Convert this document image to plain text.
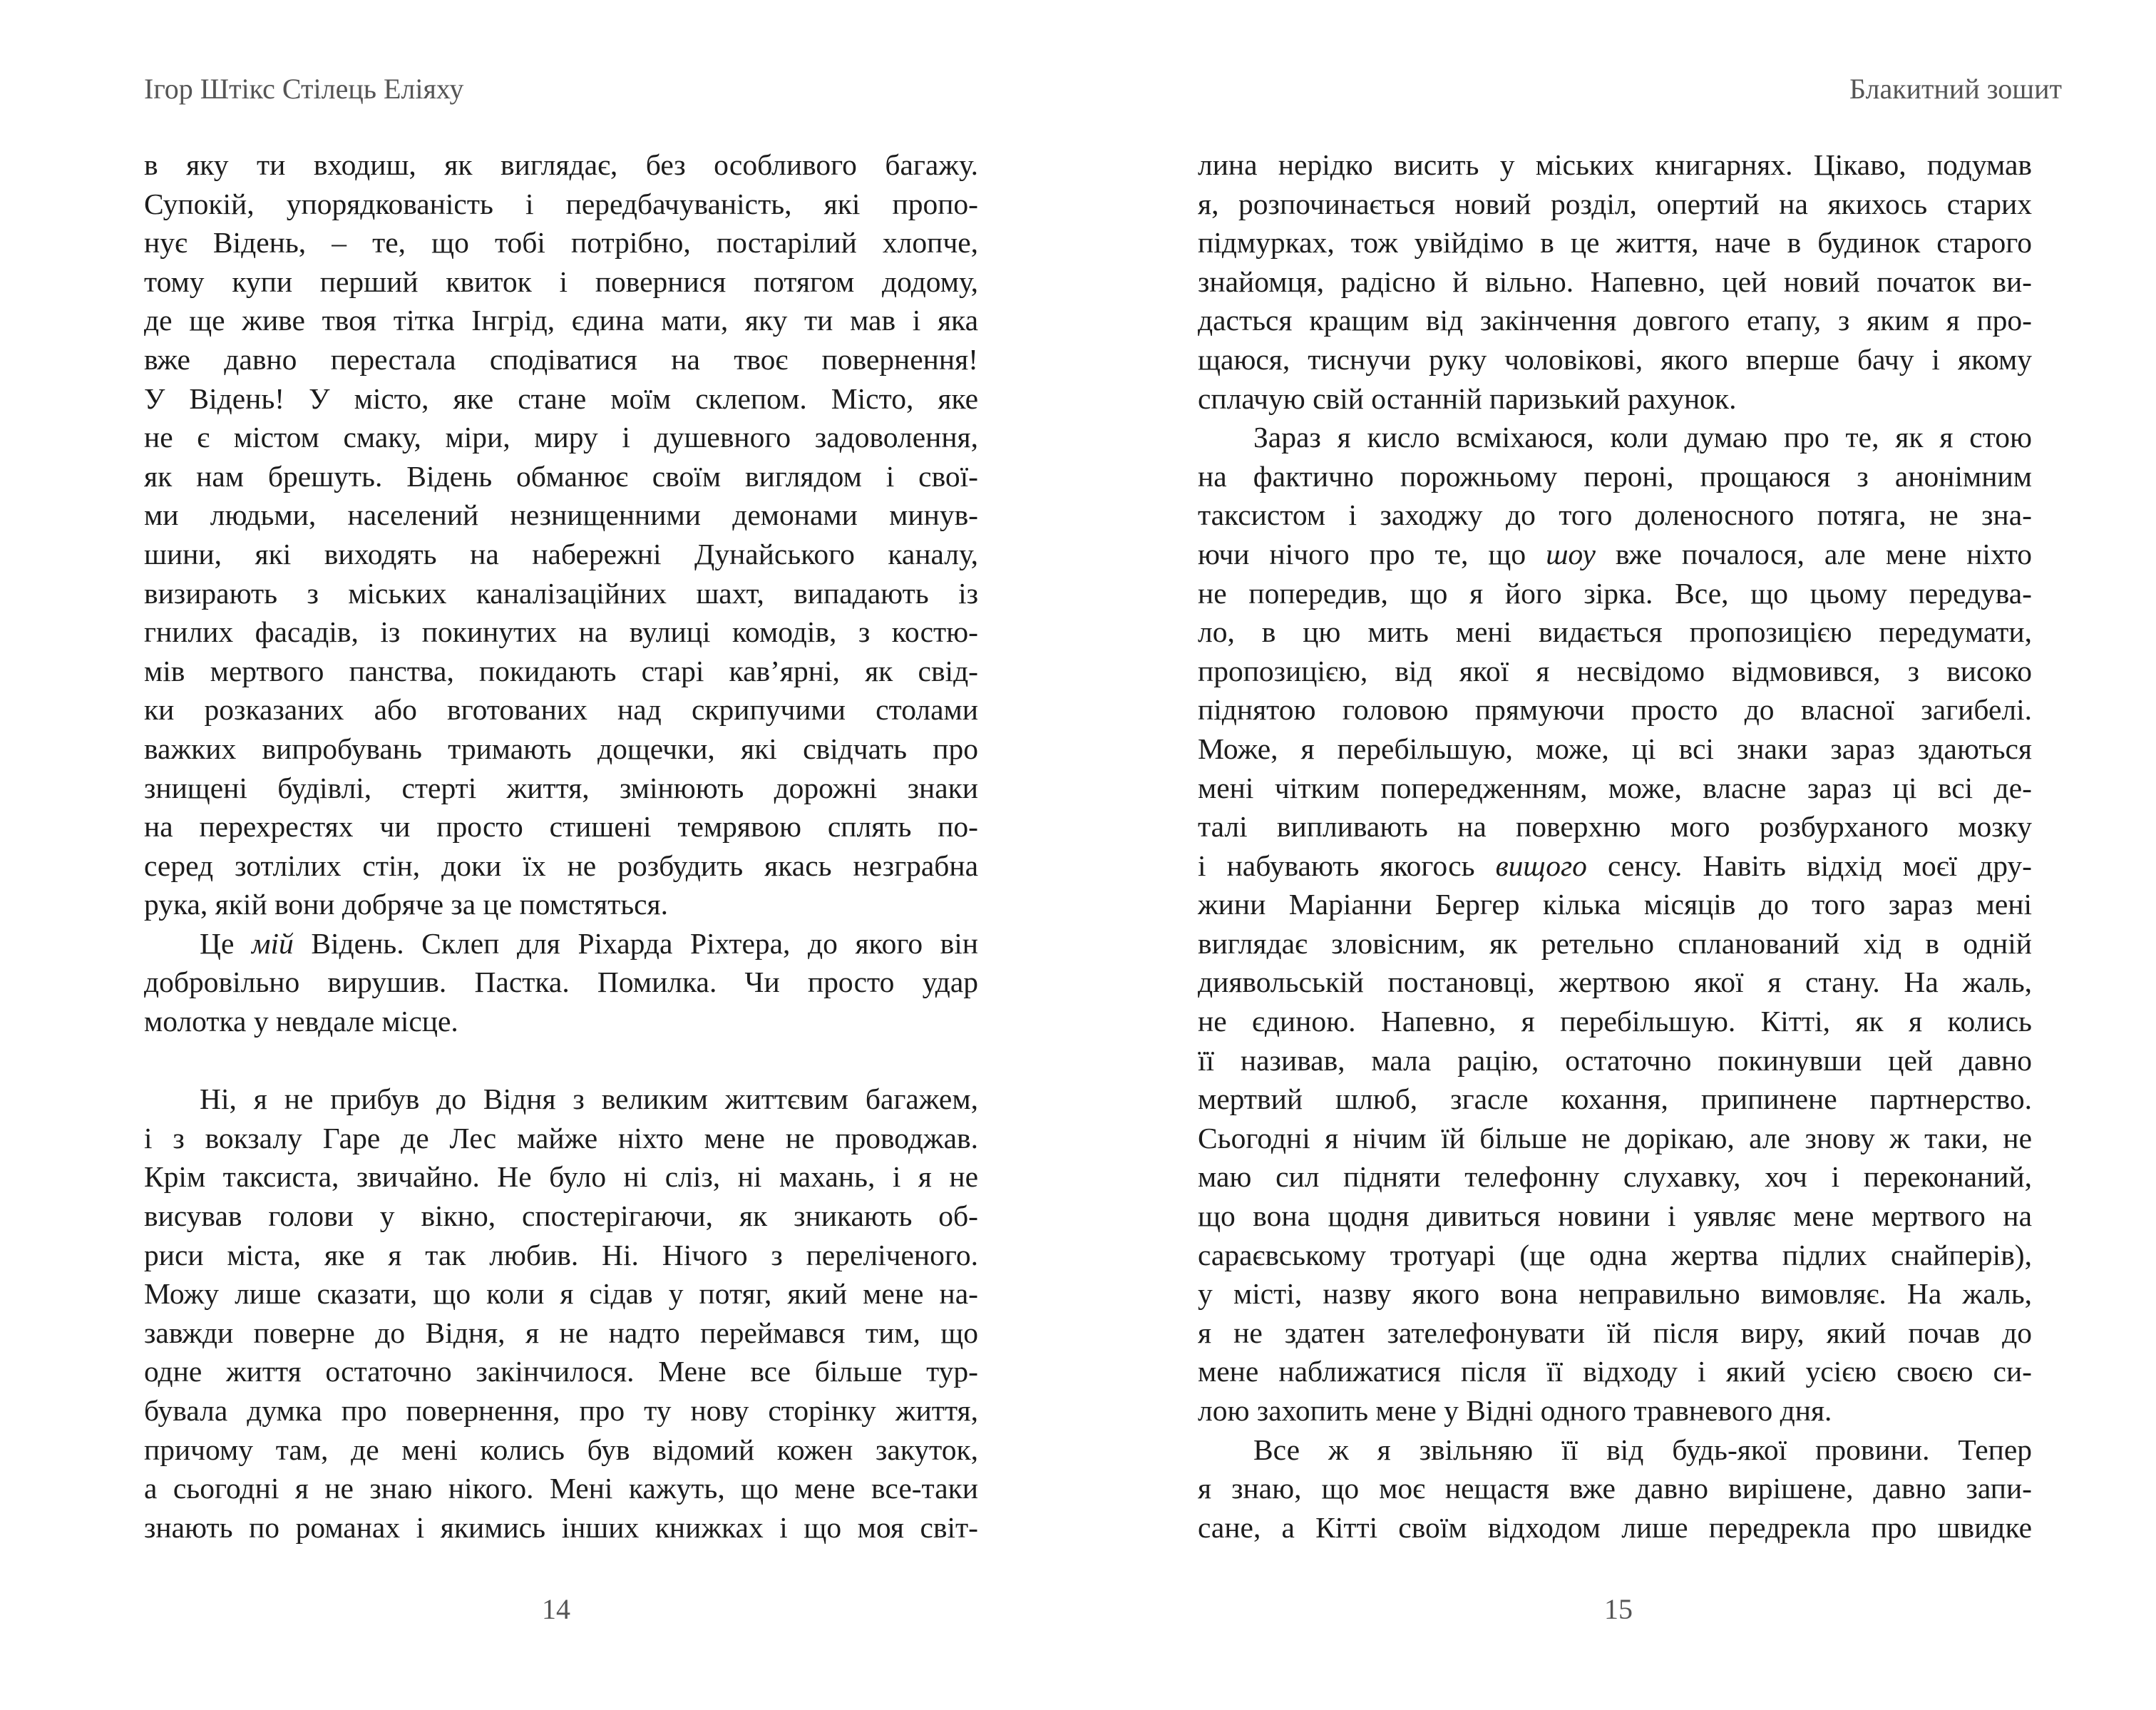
Ігор Штікс Стілець Еліяху
в яку ти входиш, як виглядає, без особливого багажу.
Супокій, упорядкованість і передбачуваність, які пропо-
нує Відень, – те, що тобі потрібно, постарілий хлопче,
тому купи перший квиток і повернися потягом додому,
де ще живе твоя тітка Інгрід, єдина мати, яку ти мав і яка
вже давно перестала сподіватися на твоє повернення!
У Відень! У місто, яке стане моїм склепом. Місто, яке
не є містом смаку, міри, миру і душевного задоволення,
як нам брешуть. Відень обманює своїм виглядом і свої-
ми людьми, населений незнищенними демонами минув-
шини, які виходять на набережні Дунайського каналу,
визирають з міських каналізаційних шахт, випадають із
гнилих фасадів, із покинутих на вулиці комодів, з костю-
мів мертвого панства, покидають старі кав’ярні, як свід-
ки розказаних або вготованих над скрипучими столами
важких випробувань тримають дощечки, які свідчать про
знищені будівлі, стерті життя, змінюють дорожні знаки
на перехрестях чи просто стишені темрявою сплять по-
серед зотлілих стін, доки їх не розбудить якась незграбна
рука, якій вони добряче за це помстяться.
Це мій Відень. Склеп для Ріхарда Ріхтера, до якого він
добровільно вирушив. Пастка. Помилка. Чи просто удар
молотка у невдале місце.
Ні, я не прибув до Відня з великим життєвим багажем,
і з вокзалу Гаре де Лес майже ніхто мене не проводжав.
Крім таксиста, звичайно. Не було ні сліз, ні махань, і я не
висував голови у вікно, спостерігаючи, як зникають об-
риси міста, яке я так любив. Ні. Нічого з переліченого.
Можу лише сказати, що коли я сідав у потяг, який мене на-
завжди поверне до Відня, я не надто переймався тим, що
одне життя остаточно закінчилося. Мене все більше тур-
бувала думка про повернення, про ту нову сторінку життя,
причому там, де мені колись був відомий кожен закуток,
а сьогодні я не знаю нікого. Мені кажуть, що мене все-таки
знають по романах і якимись інших книжках і що моя світ-
14
Блакитний зошит
лина нерідко висить у міських книгарнях. Цікаво, подумав
я, розпочинається новий розділ, опертий на якихось старих
підмурках, тож увійдімо в це життя, наче в будинок старого
знайомця, радісно й вільно. Напевно, цей новий початок ви-
дасться кращим від закінчення довгого етапу, з яким я про-
щаюся, тиснучи руку чоловікові, якого вперше бачу і якому
сплачую свій останній паризький рахунок.
Зараз я кисло всміхаюся, коли думаю про те, як я стою
на фактично порожньому пероні, прощаюся з анонімним
таксистом і заходжу до того доленосного потяга, не зна-
ючи нічого про те, що шоу вже почалося, але мене ніхто
не попередив, що я його зірка. Все, що цьому передува-
ло, в цю мить мені видається пропозицією передумати,
пропозицією, від якої я несвідомо відмовився, з високо
піднятою головою прямуючи просто до власної загибелі.
Може, я перебільшую, може, ці всі знаки зараз здаються
мені чітким попередженням, може, власне зараз ці всі де-
талі випливають на поверхню мого розбурханого мозку
і набувають якогось вищого сенсу. Навіть відхід моєї дру-
жини Маріанни Бергер кілька місяців до того зараз мені
виглядає зловісним, як ретельно спланований хід в одній
диявольській постановці, жертвою якої я стану. На жаль,
не єдиною. Напевно, я перебільшую. Кітті, як я колись
її називав, мала рацію, остаточно покинувши цей давно
мертвий шлюб, згасле кохання, припинене партнерство.
Сьогодні я нічим їй більше не дорікаю, але знову ж таки, не
маю сил підняти телефонну слухавку, хоч і переконаний,
що вона щодня дивиться новини і уявляє мене мертвого на
сараєвському тротуарі (ще одна жертва підлих снайперів),
у місті, назву якого вона неправильно вимовляє. На жаль,
я не здатен зателефонувати їй після виру, який почав до
мене наближатися після її відходу і який усією своєю си-
лою захопить мене у Відні одного травневого дня.
Все ж я звільняю її від будь-якої провини. Тепер
я знаю, що моє нещастя вже давно вирішене, давно запи-
сане, а Кітті своїм відходом лише передрекла про швидке
15
